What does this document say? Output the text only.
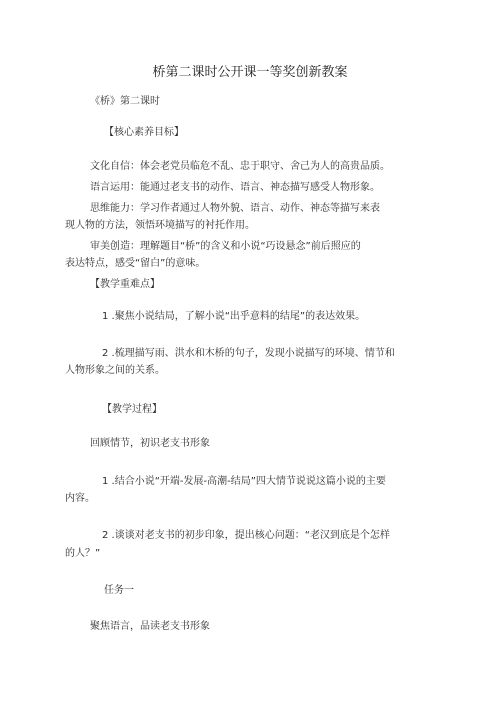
桥第二课时公开课一等奖创新教案
《桥》第二课时
【核心素养目标】
文化自信：体会老党员临危不乱、忠于职守、舍己为人的高贵品质。
语言运用：能通过老支书的动作、语言、神态描写感受人物形象。
思维能力：学习作者通过人物外貌、语言、动作、神态等描写来表
现人物的方法，领悟环境描写的衬托作用。
审美创造：理解题目“桥”的含义和小说“巧设悬念”前后照应的
表达特点，感受“留白”的意味。
【教学重难点】
1 .聚焦小说结局，了解小说“出乎意料的结尾”的表达效果。
2 .梳理描写雨、洪水和木桥的句子，发现小说描写的环境、情节和
人物形象之间的关系。
【教学过程】
回顾情节，初识老支书形象
1 .结合小说“开端-发展-高潮-结局”四大情节说说这篇小说的主要
内容。
2 .谈谈对老支书的初步印象，提出核心问题：“老汉到底是个怎样
的人？”
任务一
聚焦语言，品读老支书形象
